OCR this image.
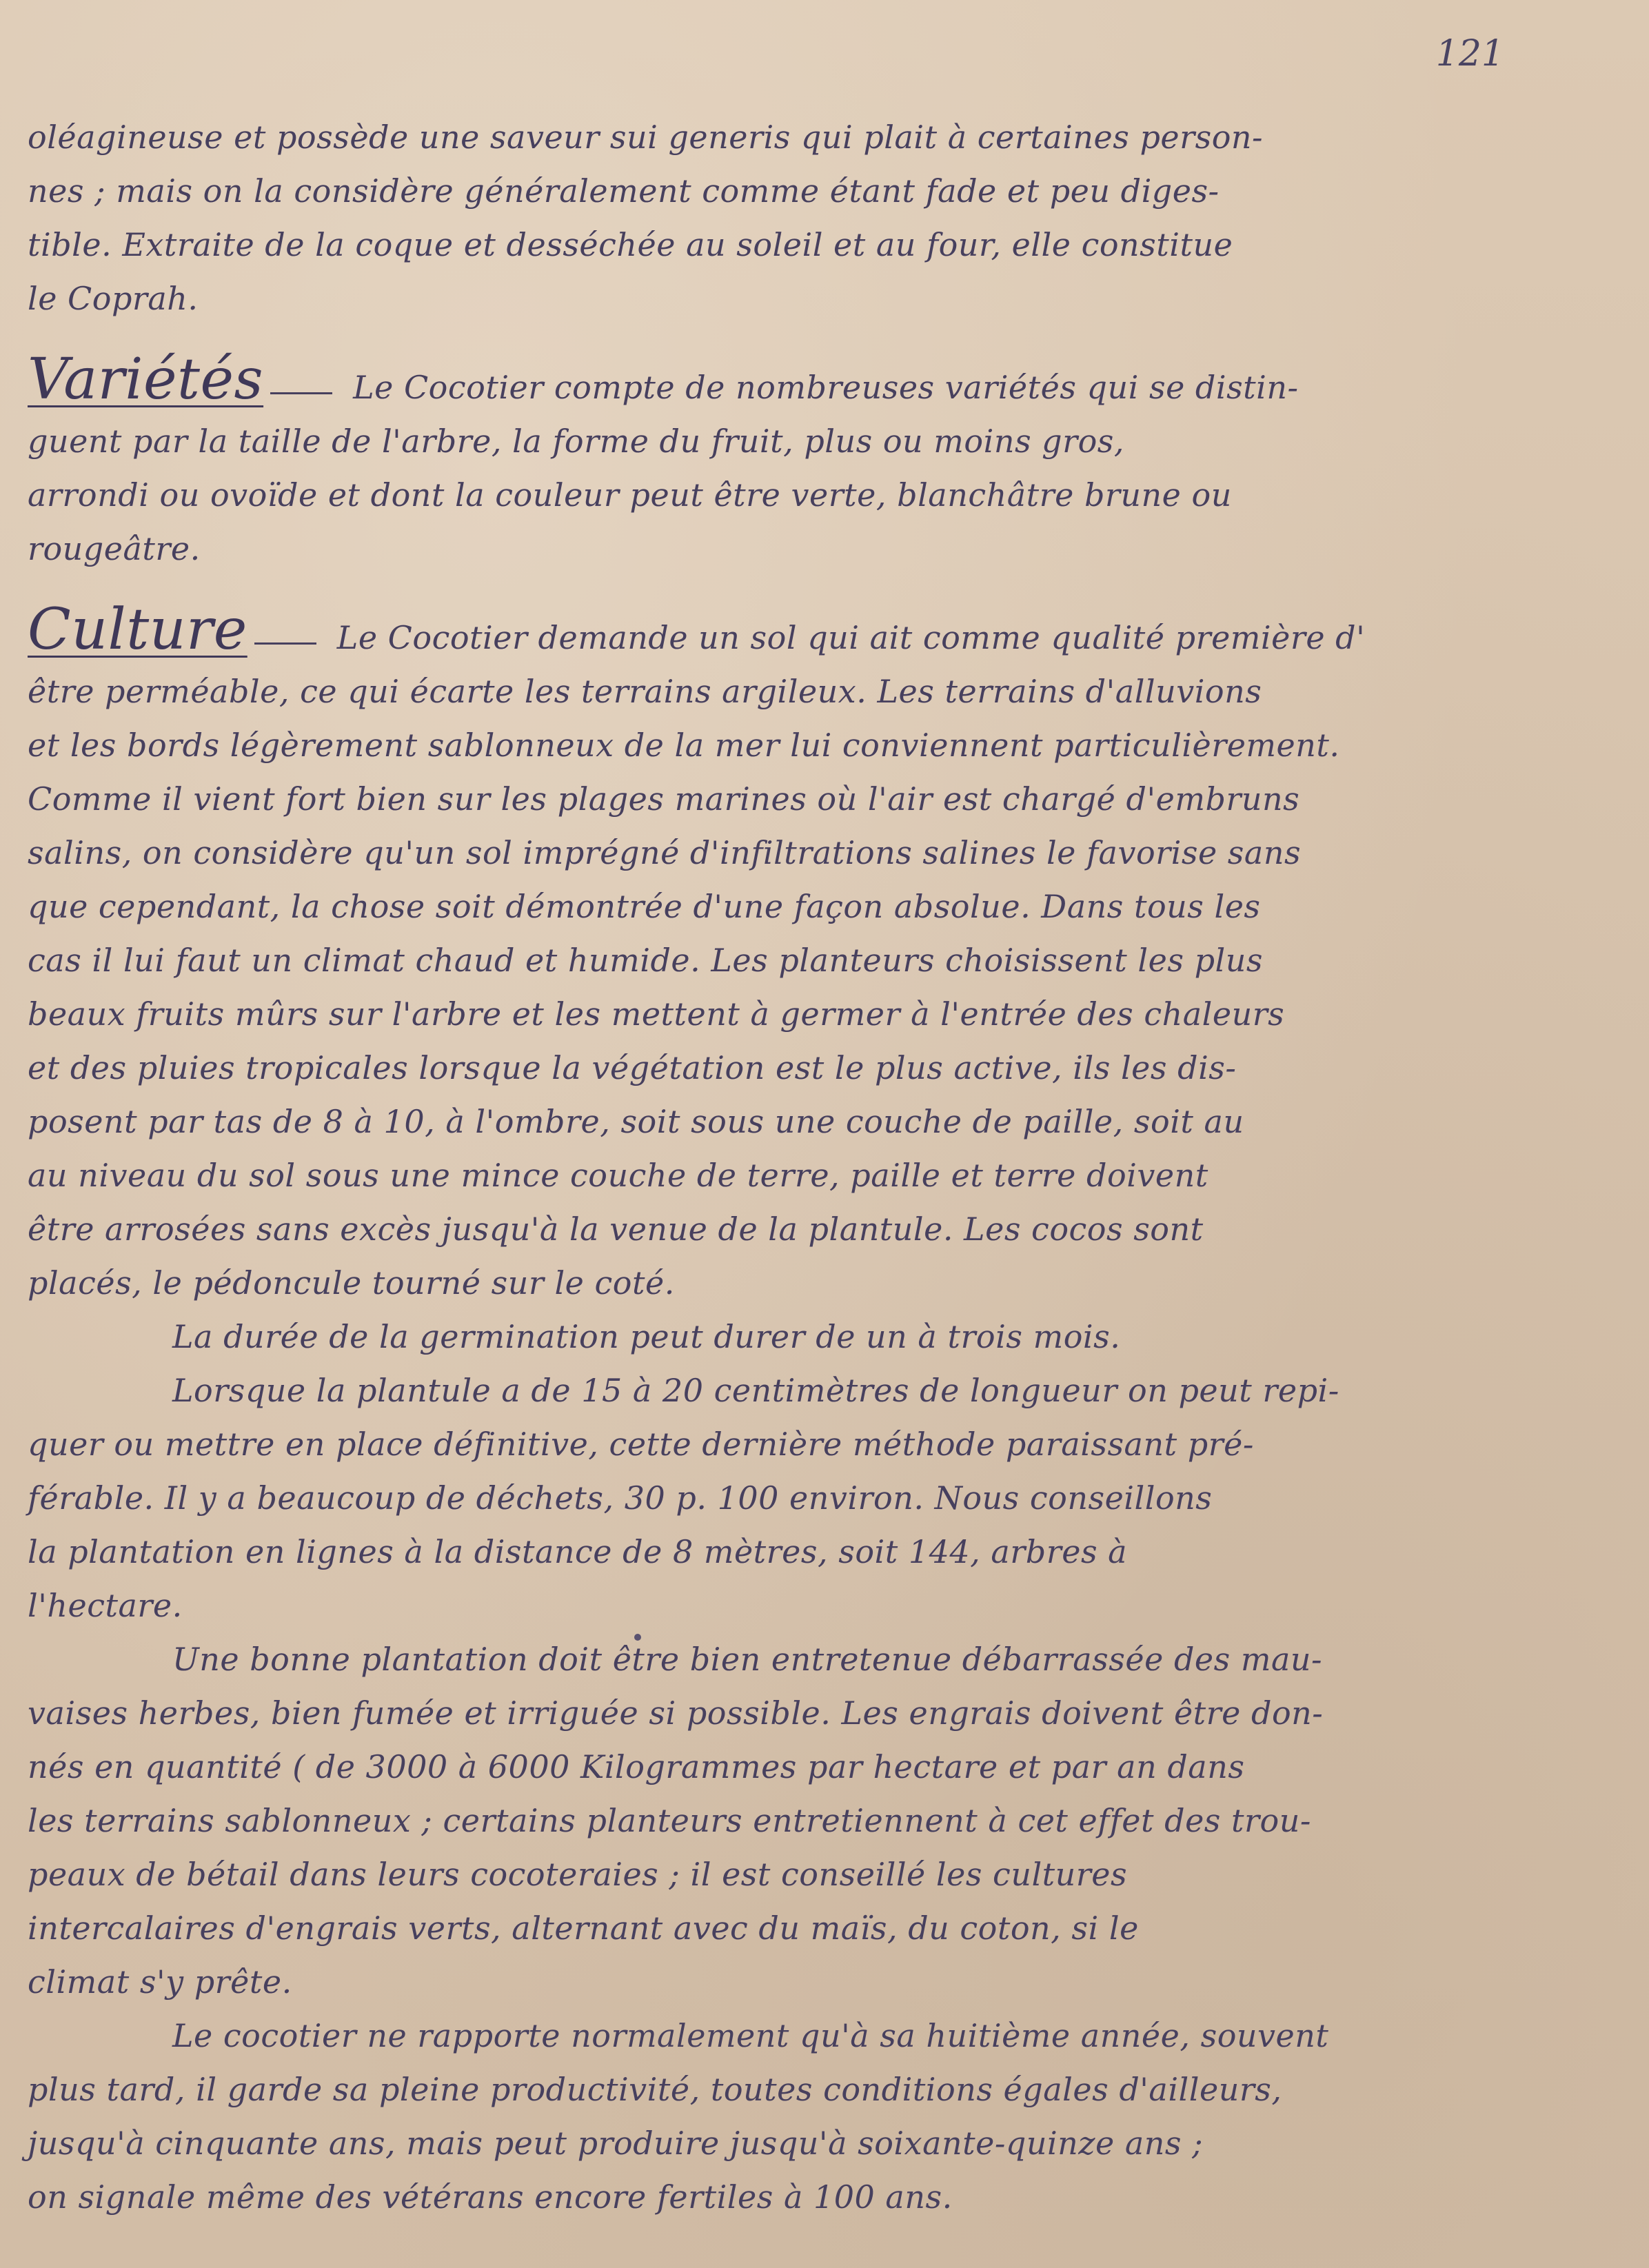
121
oléagineuse et possède une saveur sui generis qui plait à certaines person-
nes ; mais on la considère généralement comme étant fade et peu diges-
tible. Extraite de la coque et desséchée au soleil et au four, elle constitue
le Coprah.
Variétés	Le Cocotier compte de nombreuses variétés qui se distin-
guent par la taille de l'arbre, la forme du fruit, plus ou moins gros,
arrondi ou ovoïde et dont la couleur peut être verte, blanchâtre brune ou
rougeâtre.
Culture	Le Cocotier demande un sol qui ait comme qualité première d'
être perméable, ce qui écarte les terrains argileux. Les terrains d'alluvions
et les bords légèrement sablonneux de la mer lui conviennent particulièrement.
Comme il vient fort bien sur les plages marines où l'air est chargé d'embruns
salins, on considère qu'un sol imprégné d'infiltrations salines le favorise sans
que cependant, la chose soit démontrée d'une façon absolue. Dans tous les
cas il lui faut un climat chaud et humide. Les planteurs choisissent les plus
beaux fruits mûrs sur l'arbre et les mettent à germer à l'entrée des chaleurs
et des pluies tropicales lorsque la végétation est le plus active, ils les dis-
posent par tas de 8 à 10, à l'ombre, soit sous une couche de paille, soit au
au niveau du sol sous une mince couche de terre, paille et terre doivent
être arrosées sans excès jusqu'à la venue de la plantule. Les cocos sont
placés, le pédoncule tourné sur le coté.
La durée de la germination peut durer de un à trois mois.
Lorsque la plantule a de 15 à 20 centimètres de longueur on peut repi-
quer ou mettre en place définitive, cette dernière méthode paraissant pré-
férable. Il y a beaucoup de déchets, 30 p. 100 environ. Nous conseillons
la plantation en lignes à la distance de 8 mètres, soit 144, arbres à
l'hectare.
Une bonne plantation doit être bien entretenue débarrassée des mau-
vaises herbes, bien fumée et irriguée si possible. Les engrais doivent être don-
nés en quantité ( de 3000 à 6000 Kilogrammes par hectare et par an dans
les terrains sablonneux ; certains planteurs entretiennent à cet effet des trou-
peaux de bétail dans leurs cocoteraies ; il est conseillé les cultures
intercalaires d'engrais verts, alternant avec du maïs, du coton, si le
climat s'y prête.
Le cocotier ne rapporte normalement qu'à sa huitième année, souvent
plus tard, il garde sa pleine productivité, toutes conditions égales d'ailleurs,
jusqu'à cinquante ans, mais peut produire jusqu'à soixante-quinze ans ;
on signale même des vétérans encore fertiles à 100 ans.
